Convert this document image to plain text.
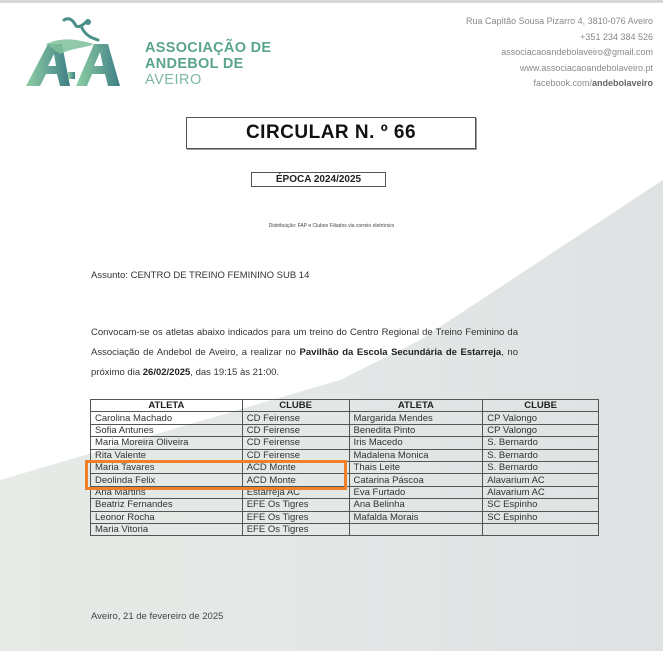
ASSOCIAÇÃO DE
ANDEBOL DE
AVEIRO
Rua Capitão Sousa Pizarro 4, 3810-076 Aveiro
+351 234 384 526
associacaoandebolaveiro@gmail.com
www.associacaoandebolaveiro.pt
facebook.com/andebolaveiro
CIRCULAR N. º 66
ÉPOCA 2024/2025
Distribuição: FAP e Clubes Filiados via correio eletrónico
Assunto: CENTRO DE TREINO FEMININO SUB 14
Convocam-se os atletas abaixo indicados para um treino do Centro Regional de Treino Feminino da Associação de Andebol de Aveiro, a realizar no Pavilhão da Escola Secundária de Estarreja, no próximo dia 26/02/2025, das 19:15 às 21:00.
ATLETA	CLUBE	ATLETA	CLUBE
Carolina Machado	CD Feirense	Margarida Mendes	CP Valongo
Sofia Antunes	CD Feirense	Benedita Pinto	CP Valongo
Maria Moreira Oliveira	CD Feirense	Iris Macedo	S. Bernardo
Rita Valente	CD Feirense	Madalena Monica	S. Bernardo
Maria Tavares	ACD Monte	Thais Leite	S. Bernardo
Deolinda Felix	ACD Monte	Catarina Páscoa	Alavarium AC
Ana Martins	Estarreja AC	Eva Furtado	Alavarium AC
Beatriz Fernandes	EFE Os Tigres	Ana Belinha	SC Espinho
Leonor Rocha	EFE Os Tigres	Mafalda Morais	SC Espinho
Maria Vitoria	EFE Os Tigres		
Aveiro, 21 de fevereiro de 2025
